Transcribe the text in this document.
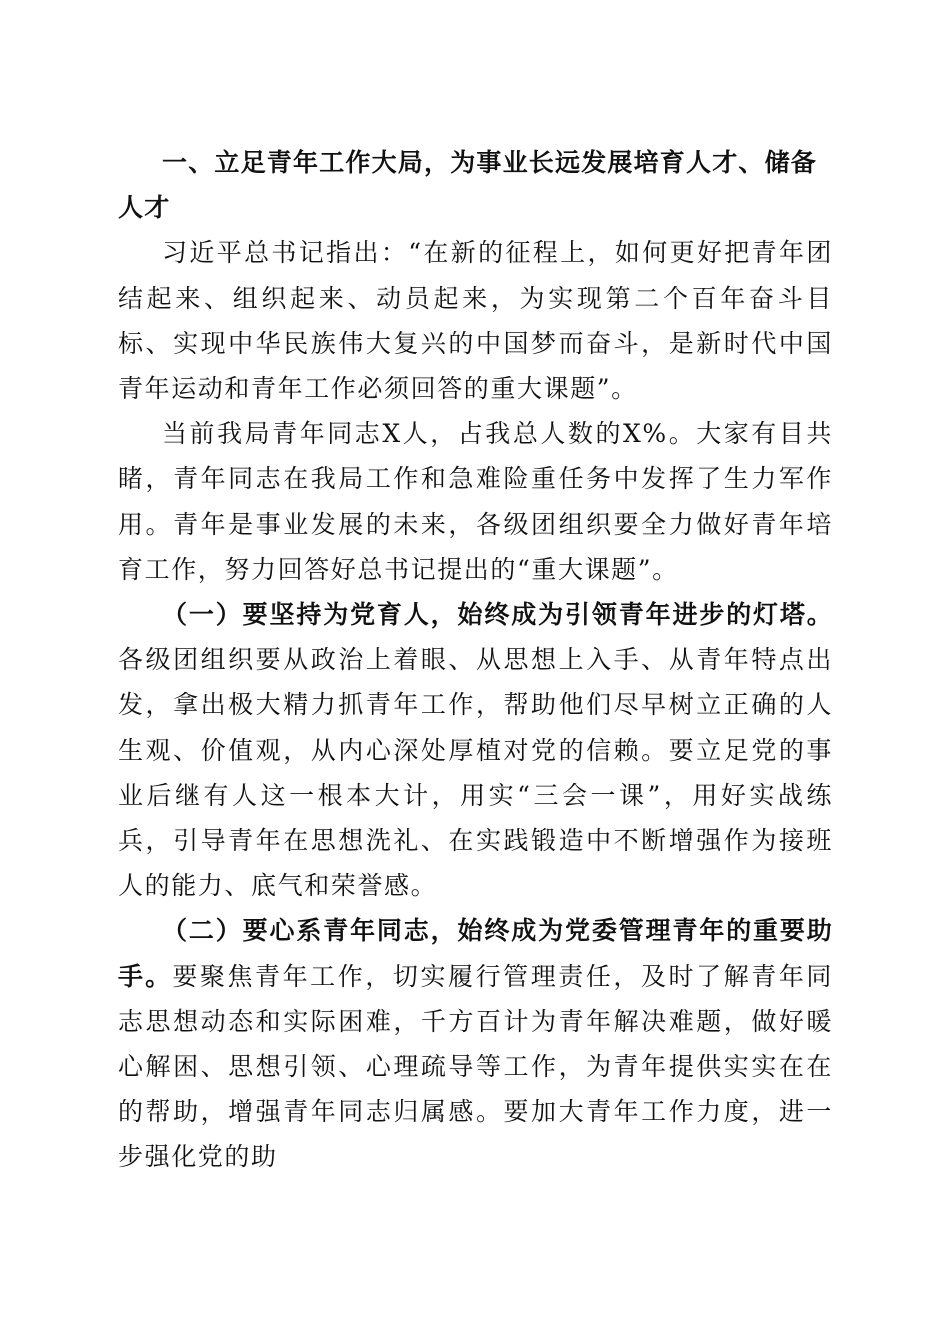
一、立足青年工作大局，为事业长远发展培育人才、储备人才

习近平总书记指出：“在新的征程上，如何更好把青年团结起来、组织起来、动员起来，为实现第二个百年奋斗目标、实现中华民族伟大复兴的中国梦而奋斗，是新时代中国青年运动和青年工作必须回答的重大课题”。

当前我局青年同志X人，占我总人数的X%。大家有目共睹，青年同志在我局工作和急难险重任务中发挥了生力军作用。青年是事业发展的未来，各级团组织要全力做好青年培育工作，努力回答好总书记提出的“重大课题”。

（一）要坚持为党育人，始终成为引领青年进步的灯塔。各级团组织要从政治上着眼、从思想上入手、从青年特点出发，拿出极大精力抓青年工作，帮助他们尽早树立正确的人生观、价值观，从内心深处厚植对党的信赖。要立足党的事业后继有人这一根本大计，用实“三会一课”，用好实战练兵，引导青年在思想洗礼、在实践锻造中不断增强作为接班人的能力、底气和荣誉感。

（二）要心系青年同志，始终成为党委管理青年的重要助手。要聚焦青年工作，切实履行管理责任，及时了解青年同志思想动态和实际困难，千方百计为青年解决难题，做好暖心解困、思想引领、心理疏导等工作，为青年提供实实在在的帮助，增强青年同志归属感。要加大青年工作力度，进一步强化党的助
